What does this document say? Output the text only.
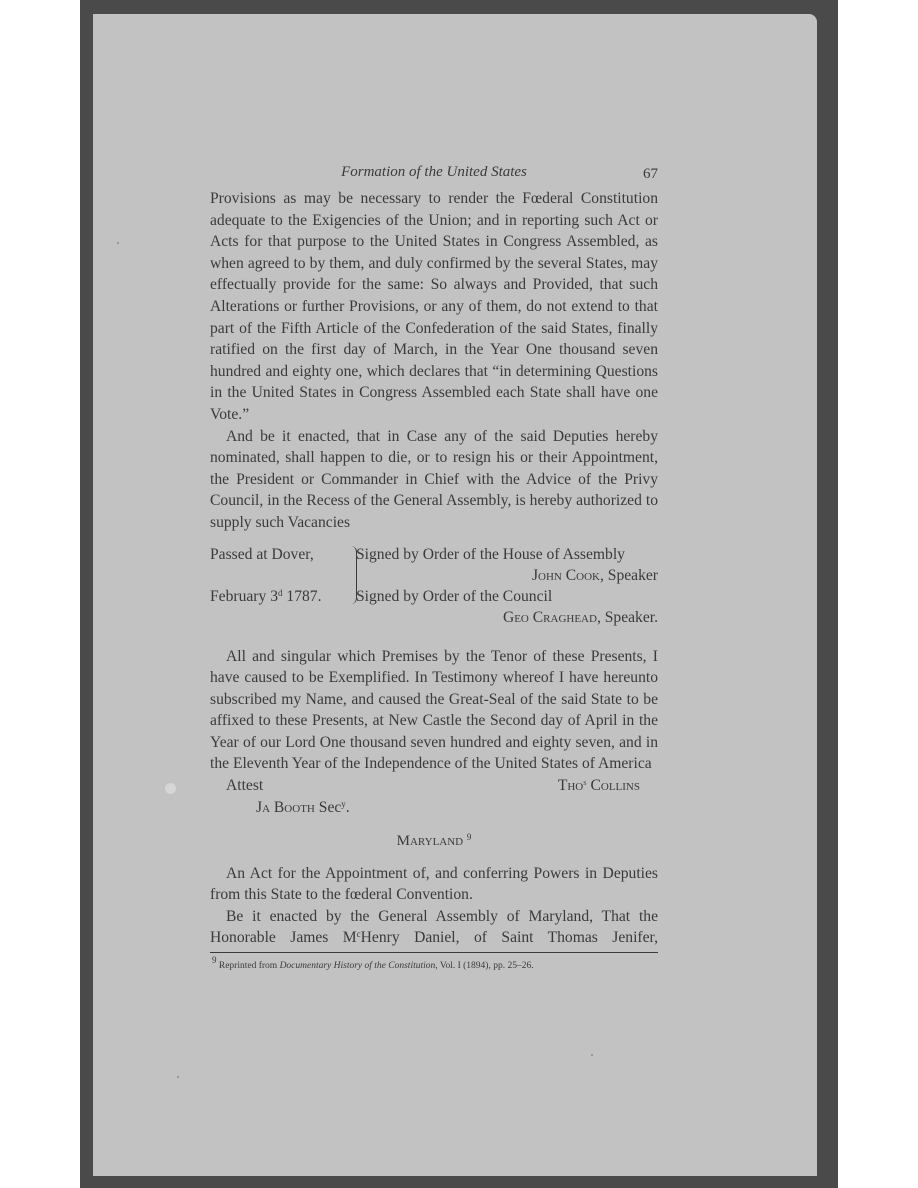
Formation of the United States	67

Provisions as may be necessary to render the Fœderal Constitution adequate to the Exigencies of the Union; and in reporting such Act or Acts for that purpose to the United States in Congress Assembled, as when agreed to by them, and duly confirmed by the several States, may effectually provide for the same: So always and Provided, that such Alterations or further Provisions, or any of them, do not extend to that part of the Fifth Article of the Confederation of the said States, finally ratified on the first day of March, in the Year One thousand seven hundred and eighty one, which declares that “in determining Questions in the United States in Congress Assembled each State shall have one Vote.”

And be it enacted, that in Case any of the said Deputies hereby nominated, shall happen to die, or to resign his or their Appointment, the President or Commander in Chief with the Advice of the Privy Council, in the Recess of the General Assembly, is hereby authorized to supply such Vacancies

Passed at Dover,
February 3$^d$ 1787.
Signed by Order of the House of Assembly
John Cook, Speaker
Signed by Order of the Council
Geo Craghead, Speaker.

All and singular which Premises by the Tenor of these Presents, I have caused to be Exemplified. In Testimony whereof I have hereunto subscribed my Name, and caused the Great-Seal of the said State to be affixed to these Presents, at New Castle the Second day of April in the Year of our Lord One thousand seven hundred and eighty seven, and in the Eleventh Year of the Independence of the United States of America

Attest	Tho$^s$ Collins
Ja Booth Sec$^y$.
Maryland $^9$

An Act for the Appointment of, and conferring Powers in Deputies from this State to the fœderal Convention.

Be it enacted by the General Assembly of Maryland, That the

Honorable James $M^cHenry$ Daniel, of Saint Thomas Jenifer,

$^9$ Reprinted from Documentary History of the Constitution, Vol. I (1894), pp. 25–26.
